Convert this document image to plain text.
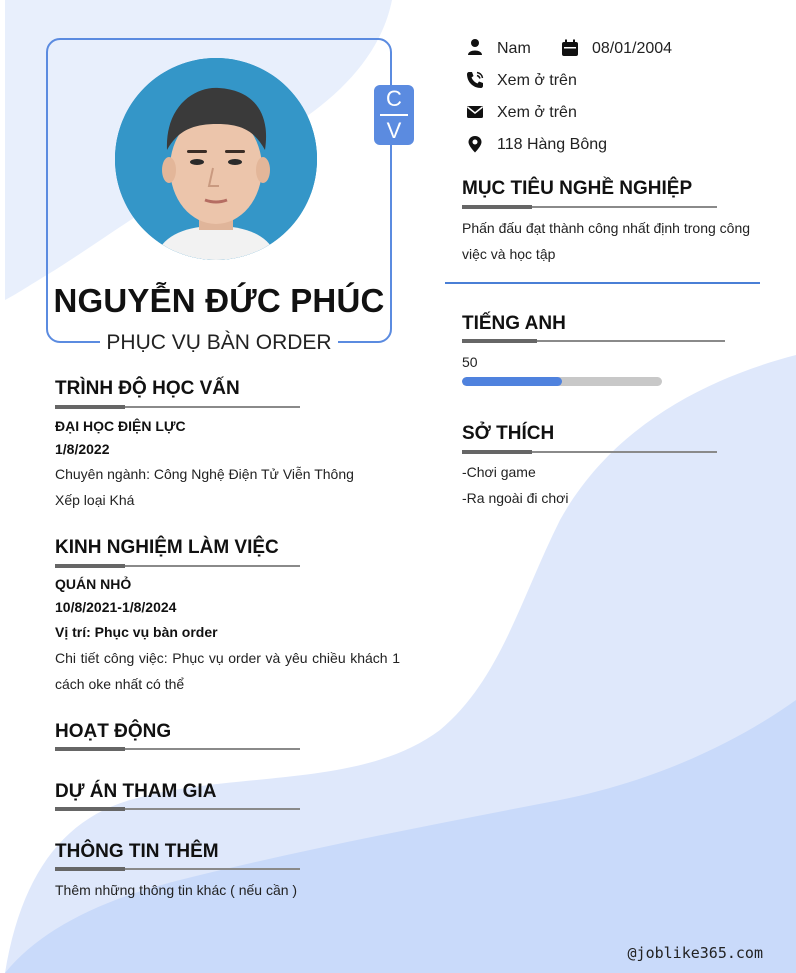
C
V
NGUYỄN ĐỨC PHÚC
PHỤC VỤ BÀN ORDER
TRÌNH ĐỘ HỌC VẤN
ĐẠI HỌC ĐIỆN LỰC
1/8/2022
Chuyên ngành: Công Nghệ Điện Tử Viễn Thông
Xếp loại Khá
KINH NGHIỆM LÀM VIỆC
QUÁN NHỎ
10/8/2021-1/8/2024
Vị trí: Phục vụ bàn order
Chi tiết công việc: Phục vụ order và yêu chiều khách 1 cách oke nhất có thể
HOẠT ĐỘNG
DỰ ÁN THAM GIA
THÔNG TIN THÊM
Thêm những thông tin khác ( nếu cần )
Nam	08/01/2004
Xem ở trên
Xem ở trên
118 Hàng Bông
MỤC TIÊU NGHỀ NGHIỆP
Phấn đấu đạt thành công nhất định trong công việc và học tập
TIẾNG ANH
50
SỞ THÍCH
-Chơi game
-Ra ngoài đi chơi
@joblike365.com
